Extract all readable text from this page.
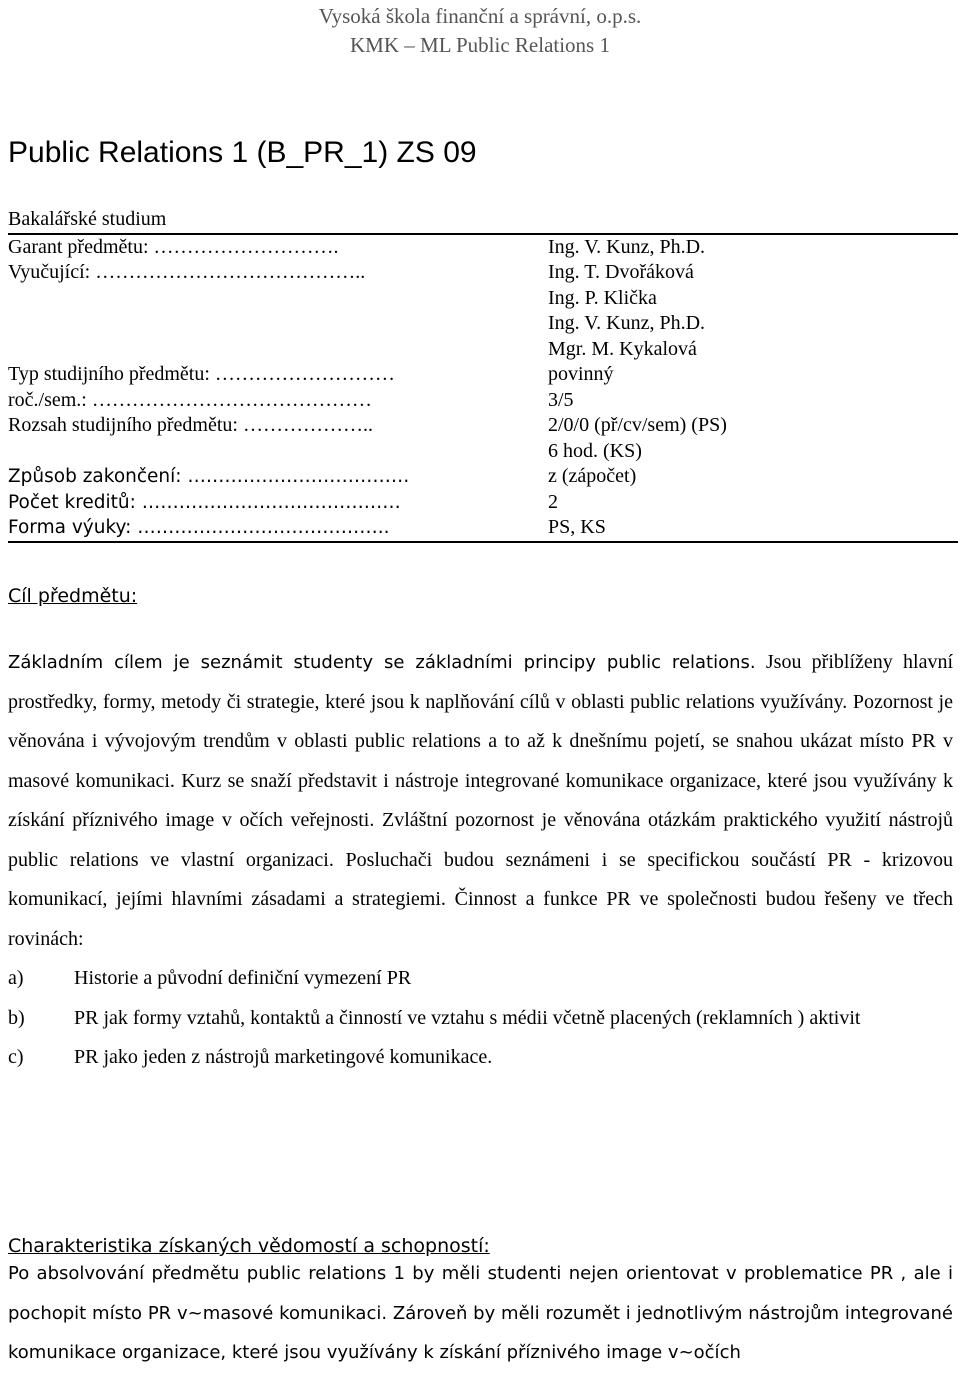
Vysoká škola finanční a správní, o.p.s.
KMK – ML Public Relations 1
Public Relations 1 (B_PR_1) ZS 09
Bakalářské studium
Garant předmětu: ……………………….	Ing. V. Kunz, Ph.D.
Vyučující: …………………………………..	Ing. T. Dvořáková
Ing. P. Klička
Ing. V. Kunz, Ph.D.
Mgr. M. Kykalová
Typ studijního předmětu: ………………………	povinný
roč./sem.: ……………………………………	3/5
Rozsah studijního předmětu: ………………..	2/0/0 (př/cv/sem) (PS)
6 hod. (KS)
Způsob zakončení: ………………………………	z (zápočet)
Počet kreditů: ……………………………………	2
Forma výuky: …………………………………..	PS, KS
Cíl předmětu:
Základním cílem je seznámit studenty se základními principy public relations. Jsou přiblíženy hlavní prostředky, formy, metody či strategie, které jsou k naplňování cílů v oblasti public relations využívány. Pozornost je věnována i vývojovým trendům v oblasti public relations a to až k dnešnímu pojetí, se snahou ukázat místo PR v masové komunikaci. Kurz se snaží představit i nástroje integrované komunikace organizace, které jsou využívány k získání příznivého image v očích veřejnosti. Zvláštní pozornost je věnována otázkám praktického využití nástrojů public relations ve vlastní organizaci. Posluchači budou seznámeni i se specifickou součástí PR - krizovou komunikací, jejími hlavními zásadami a strategiemi. Činnost a funkce PR ve společnosti budou řešeny ve třech rovinách:
a)	Historie a původní definiční vymezení PR
b)	PR jak formy vztahů, kontaktů a činností ve vztahu s médii včetně placených (reklamních ) aktivit
c)	PR jako jeden z nástrojů marketingové komunikace.
Charakteristika získaných vědomostí a schopností:
Po absolvování předmětu public relations 1 by měli studenti nejen orientovat v problematice PR , ale i pochopit místo PR v~masové komunikaci. Zároveň by měli rozumět i jednotlivým nástrojům integrované komunikace organizace, které jsou využívány k získání příznivého image v~očích
